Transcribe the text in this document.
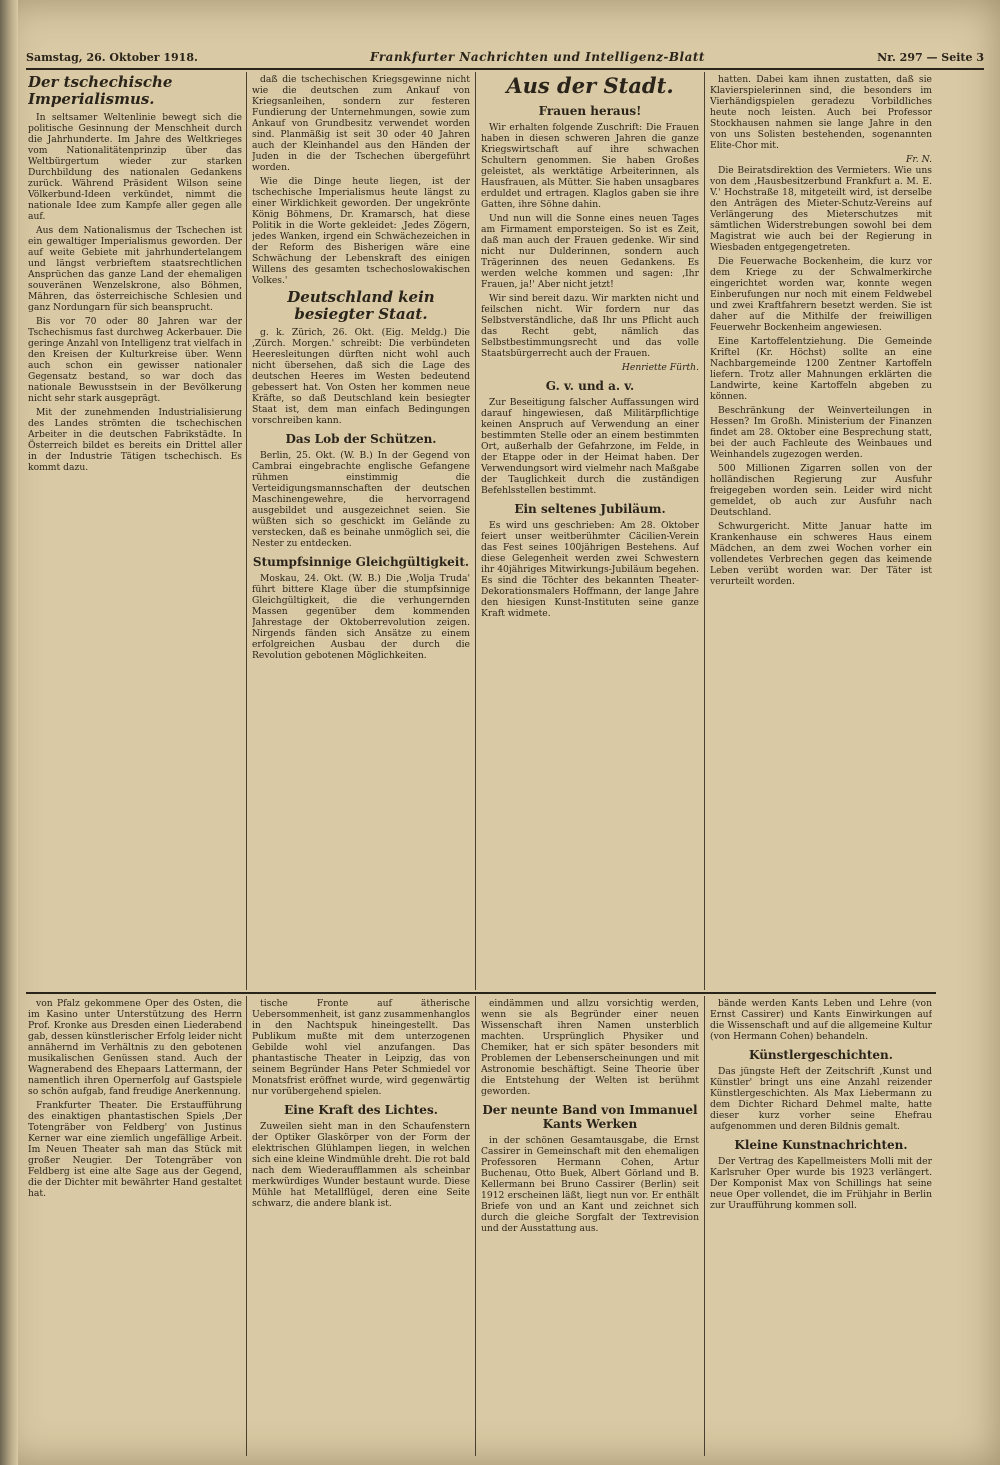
Samstag, 26. Oktober 1918.	Frankfurter Nachrichten und Intelligenz-Blatt	Nr. 297 — Seite 3
Der tschechische Imperialismus.

In seltsamer Weltenlinie bewegt sich die politische Gesinnung der Menschheit durch die Jahrhunderte. Im Jahre des Weltkrieges vom Nationalitätenprinzip über das Weltbürgertum wieder zur starken Durchbildung des nationalen Gedankens zurück. Während Präsident Wilson seine Völkerbund-Ideen verkündet, nimmt die nationale Idee zum Kampfe aller gegen alle auf.

Aus dem Nationalismus der Tschechen ist ein gewaltiger Imperialismus geworden. Der auf weite Gebiete mit jahrhundertelangem und längst verbrieftem staatsrechtlichen Ansprüchen das ganze Land der ehemaligen souveränen Wenzelskrone, also Böhmen, Mähren, das österreichische Schlesien und ganz Nordungarn für sich beansprucht.

Bis vor 70 oder 80 Jahren war der Tschechismus fast durchweg Ackerbauer. Die geringe Anzahl von Intelligenz trat vielfach in den Kreisen der Kulturkreise über. Wenn auch schon ein gewisser nationaler Gegensatz bestand, so war doch das nationale Bewusstsein in der Bevölkerung nicht sehr stark ausgeprägt.

Mit der zunehmenden Industrialisierung des Landes strömten die tschechischen Arbeiter in die deutschen Fabrikstädte. In Österreich bildet es bereits ein Drittel aller in der Industrie Tätigen tschechisch. Es kommt dazu.

daß die tschechischen Kriegsgewinne nicht wie die deutschen zum Ankauf von Kriegsanleihen, sondern zur festeren Fundierung der Unternehmungen, sowie zum Ankauf von Grundbesitz verwendet worden sind. Planmäßig ist seit 30 oder 40 Jahren auch der Kleinhandel aus den Händen der Juden in die der Tschechen übergeführt worden.

Wie die Dinge heute liegen, ist der tschechische Imperialismus heute längst zu einer Wirklichkeit geworden. Der ungekrönte König Böhmens, Dr. Kramarsch, hat diese Politik in die Worte gekleidet: ‚Jedes Zögern, jedes Wanken, irgend ein Schwächezeichen in der Reform des Bisherigen wäre eine Schwächung der Lebenskraft des einigen Willens des gesamten tschechoslowakischen Volkes.'

Deutschland kein besiegter Staat.

g. k. Zürich, 26. Okt. (Eig. Meldg.) Die ‚Zürch. Morgen.' schreibt: Die verbündeten Heeresleitungen dürften nicht wohl auch nicht übersehen, daß sich die Lage des deutschen Heeres im Westen bedeutend gebessert hat. Von Osten her kommen neue Kräfte, so daß Deutschland kein besiegter Staat ist, dem man einfach Bedingungen vorschreiben kann.

Das Lob der Schützen.

Berlin, 25. Okt. (W. B.) In der Gegend von Cambrai eingebrachte englische Gefangene rühmen einstimmig die Verteidigungsmannschaften der deutschen Maschinengewehre, die hervorragend ausgebildet und ausgezeichnet seien. Sie wüßten sich so geschickt im Gelände zu verstecken, daß es beinahe unmöglich sei, die Nester zu entdecken.

Stumpfsinnige Gleichgültigkeit.

Moskau, 24. Okt. (W. B.) Die ‚Wolja Truda' führt bittere Klage über die stumpfsinnige Gleichgültigkeit, die die verhungernden Massen gegenüber dem kommenden Jahrestage der Oktoberrevolution zeigen. Nirgends fänden sich Ansätze zu einem erfolgreichen Ausbau der durch die Revolution gebotenen Möglichkeiten.

Aus der Stadt.
Frauen heraus!

Wir erhalten folgende Zuschrift: Die Frauen haben in diesen schweren Jahren die ganze Kriegswirtschaft auf ihre schwachen Schultern genommen. Sie haben Großes geleistet, als werktätige Arbeiterinnen, als Hausfrauen, als Mütter. Sie haben unsagbares erduldet und ertragen. Klaglos gaben sie ihre Gatten, ihre Söhne dahin.

Und nun will die Sonne eines neuen Tages am Firmament emporsteigen. So ist es Zeit, daß man auch der Frauen gedenke. Wir sind nicht nur Dulderinnen, sondern auch Trägerinnen des neuen Gedankens. Es werden welche kommen und sagen: ‚Ihr Frauen, ja!' Aber nicht jetzt!

Wir sind bereit dazu. Wir markten nicht und feilschen nicht. Wir fordern nur das Selbstverständliche, daß Ihr uns Pflicht auch das Recht gebt, nämlich das Selbstbestimmungsrecht und das volle Staatsbürgerrecht auch der Frauen.

Henriette Fürth.
G. v. und a. v.

Zur Beseitigung falscher Auffassungen wird darauf hingewiesen, daß Militärpflichtige keinen Anspruch auf Verwendung an einer bestimmten Stelle oder an einem bestimmten Ort, außerhalb der Gefahrzone, im Felde, in der Etappe oder in der Heimat haben. Der Verwendungsort wird vielmehr nach Maßgabe der Tauglichkeit durch die zuständigen Befehlsstellen bestimmt.

Ein seltenes Jubiläum.

Es wird uns geschrieben: Am 28. Oktober feiert unser weitberühmter Cäcilien-Verein das Fest seines 100jährigen Bestehens. Auf diese Gelegenheit werden zwei Schwestern ihr 40jähriges Mitwirkungs-Jubiläum begehen. Es sind die Töchter des bekannten Theater-Dekorationsmalers Hoffmann, der lange Jahre den hiesigen Kunst-Instituten seine ganze Kraft widmete.

hatten. Dabei kam ihnen zustatten, daß sie Klavierspielerinnen sind, die besonders im Vierhändigspielen geradezu Vorbildliches heute noch leisten. Auch bei Professor Stockhausen nahmen sie lange Jahre in den von uns Solisten bestehenden, sogenannten Elite-Chor mit.

Fr. N.

Die Beiratsdirektion des Vermieters. Wie uns von dem ‚Hausbesitzerbund Frankfurt a. M. E. V.' Hochstraße 18, mitgeteilt wird, ist derselbe den Anträgen des Mieter-Schutz-Vereins auf Verlängerung des Mieterschutzes mit sämtlichen Widerstrebungen sowohl bei dem Magistrat wie auch bei der Regierung in Wiesbaden entgegengetreten.

Die Feuerwache Bockenheim, die kurz vor dem Kriege zu der Schwalmerkirche eingerichtet worden war, konnte wegen Einberufungen nur noch mit einem Feldwebel und zwei Kraftfahrern besetzt werden. Sie ist daher auf die Mithilfe der freiwilligen Feuerwehr Bockenheim angewiesen.

Eine Kartoffelentziehung. Die Gemeinde Kriftel (Kr. Höchst) sollte an eine Nachbargemeinde 1200 Zentner Kartoffeln liefern. Trotz aller Mahnungen erklärten die Landwirte, keine Kartoffeln abgeben zu können.

Beschränkung der Weinverteilungen in Hessen? Im Großh. Ministerium der Finanzen findet am 28. Oktober eine Besprechung statt, bei der auch Fachleute des Weinbaues und Weinhandels zugezogen werden.

500 Millionen Zigarren sollen von der holländischen Regierung zur Ausfuhr freigegeben worden sein. Leider wird nicht gemeldet, ob auch zur Ausfuhr nach Deutschland.

Schwurgericht. Mitte Januar hatte im Krankenhause ein schweres Haus einem Mädchen, an dem zwei Wochen vorher ein vollendetes Verbrechen gegen das keimende Leben verübt worden war. Der Täter ist verurteilt worden.

von Pfalz gekommene Oper des Osten, die im Kasino unter Unterstützung des Herrn Prof. Kronke aus Dresden einen Liederabend gab, dessen künstlerischer Erfolg leider nicht annähernd im Verhältnis zu den gebotenen musikalischen Genüssen stand. Auch der Wagnerabend des Ehepaars Lattermann, der namentlich ihren Opernerfolg auf Gastspiele so schön aufgab, fand freudige Anerkennung.

Frankfurter Theater. Die Erstaufführung des einaktigen phantastischen Spiels ‚Der Totengräber von Feldberg' von Justinus Kerner war eine ziemlich ungefällige Arbeit. Im Neuen Theater sah man das Stück mit großer Neugier. Der Totengräber von Feldberg ist eine alte Sage aus der Gegend, die der Dichter mit bewährter Hand gestaltet hat.

tische Fronte auf ätherische Uebersommenheit, ist ganz zusammenhanglos in den Nachtspuk hineingestellt. Das Publikum mußte mit dem unterzogenen Gebilde wohl viel anzufangen. Das phantastische Theater in Leipzig, das von seinem Begründer Hans Peter Schmiedel vor Monatsfrist eröffnet wurde, wird gegenwärtig nur vorübergehend spielen.

Eine Kraft des Lichtes.

Zuweilen sieht man in den Schaufenstern der Optiker Glaskörper von der Form der elektrischen Glühlampen liegen, in welchen sich eine kleine Windmühle dreht. Die rot bald nach dem Wiederaufflammen als scheinbar merkwürdiges Wunder bestaunt wurde. Diese Mühle hat Metallflügel, deren eine Seite schwarz, die andere blank ist.

eindämmen und allzu vorsichtig werden, wenn sie als Begründer einer neuen Wissenschaft ihren Namen unsterblich machten. Ursprünglich Physiker und Chemiker, hat er sich später besonders mit Problemen der Lebenserscheinungen und mit Astronomie beschäftigt. Seine Theorie über die Entstehung der Welten ist berühmt geworden.

Der neunte Band von Immanuel Kants Werken

in der schönen Gesamtausgabe, die Ernst Cassirer in Gemeinschaft mit den ehemaligen Professoren Hermann Cohen, Artur Buchenau, Otto Buek, Albert Görland und B. Kellermann bei Bruno Cassirer (Berlin) seit 1912 erscheinen läßt, liegt nun vor. Er enthält Briefe von und an Kant und zeichnet sich durch die gleiche Sorgfalt der Textrevision und der Ausstattung aus.

bände werden Kants Leben und Lehre (von Ernst Cassirer) und Kants Einwirkungen auf die Wissenschaft und auf die allgemeine Kultur (von Hermann Cohen) behandeln.

Künstlergeschichten.

Das jüngste Heft der Zeitschrift ‚Kunst und Künstler' bringt uns eine Anzahl reizender Künstlergeschichten. Als Max Liebermann zu dem Dichter Richard Dehmel malte, hatte dieser kurz vorher seine Ehefrau aufgenommen und deren Bildnis gemalt.

Kleine Kunstnachrichten.

Der Vertrag des Kapellmeisters Molli mit der Karlsruher Oper wurde bis 1923 verlängert. Der Komponist Max von Schillings hat seine neue Oper vollendet, die im Frühjahr in Berlin zur Uraufführung kommen soll.
